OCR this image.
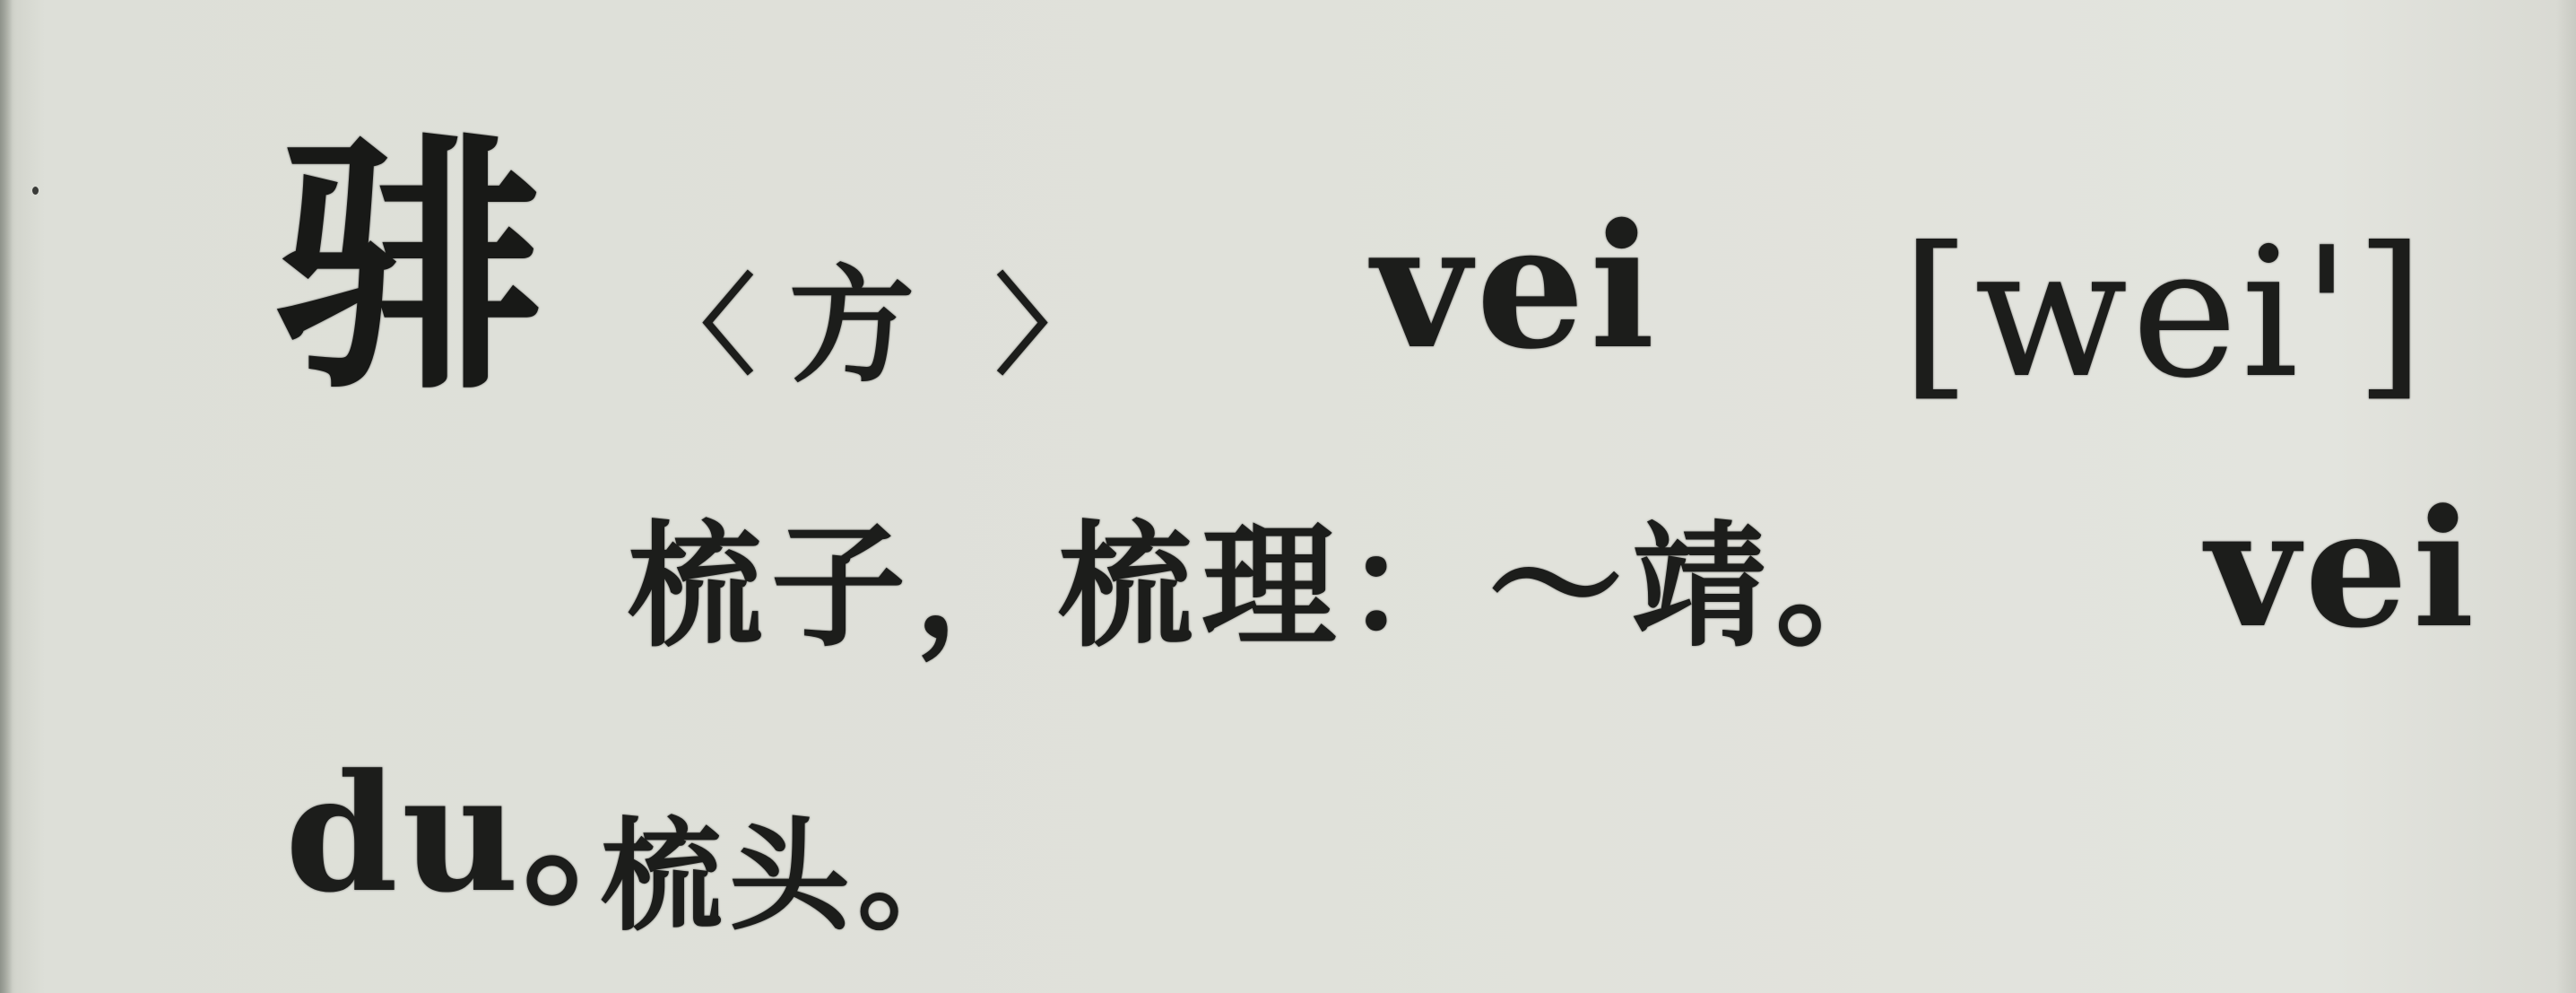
𬴂 〈 方 〉 vei [wei']
梳子，梳理：～靖。 vei
du。
梳头。
